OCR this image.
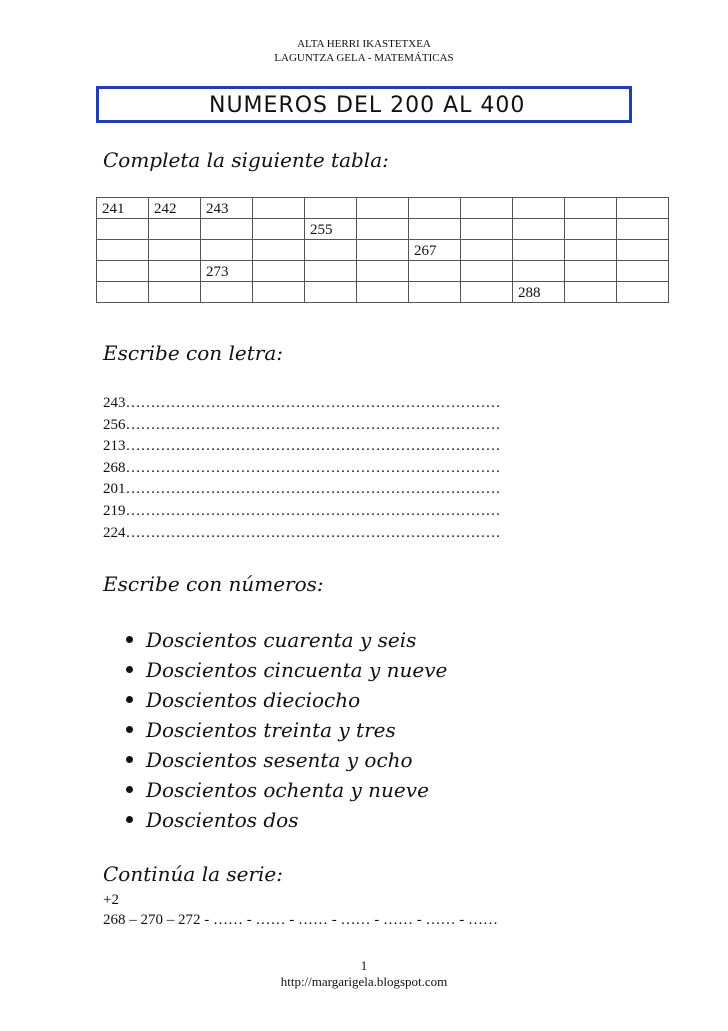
ALTA HERRI IKASTETXEA
LAGUNTZA GELA - MATEMÁTICAS
NUMEROS DEL 200 AL 400
Completa la siguiente tabla:
241	242	243								
				255						
						267				
		273								
								288		
Escribe con letra:
243…………………………………………………………………
256…………………………………………………………………
213…………………………………………………………………
268…………………………………………………………………
201…………………………………………………………………
219…………………………………………………………………
224…………………………………………………………………
Escribe con números:
Doscientos cuarenta y seis
Doscientos cincuenta y nueve
Doscientos dieciocho
Doscientos treinta y tres
Doscientos sesenta y ocho
Doscientos ochenta y nueve
Doscientos dos
Continúa la serie:
+2
268 – 270 – 272 - …… - …… - …… - …… - …… - …… - ……
1
http://margarigela.blogspot.com
